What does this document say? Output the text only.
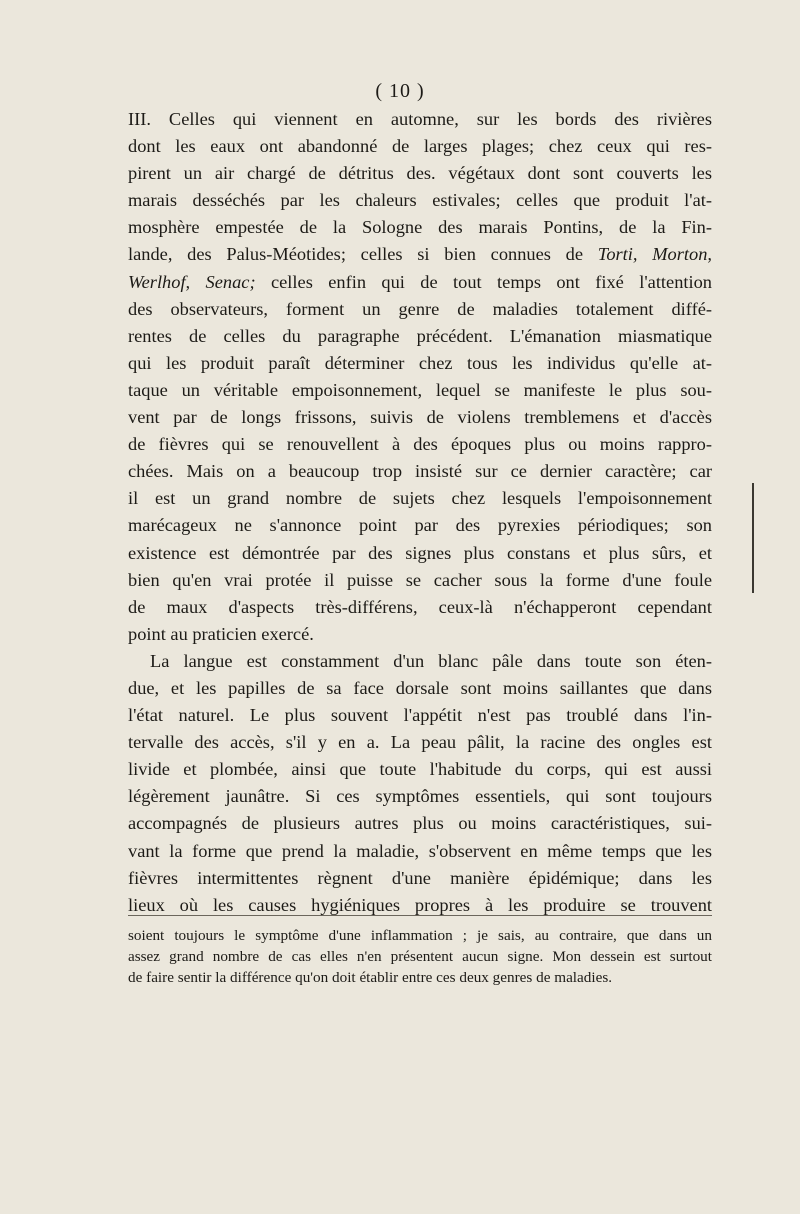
( 10 )
III. Celles qui viennent en automne, sur les bords des rivières
dont les eaux ont abandonné de larges plages; chez ceux qui res-
pirent un air chargé de détritus des. végétaux dont sont couverts les
marais desséchés par les chaleurs estivales; celles que produit l'at-
mosphère empestée de la Sologne des marais Pontins, de la Fin-
lande, des Palus-Méotides; celles si bien connues de Torti, Morton,
Werlhof, Senac; celles enfin qui de tout temps ont fixé l'attention
des observateurs, forment un genre de maladies totalement diffé-
rentes de celles du paragraphe précédent. L'émanation miasmatique
qui les produit paraît déterminer chez tous les individus qu'elle at-
taque un véritable empoisonnement, lequel se manifeste le plus sou-
vent par de longs frissons, suivis de violens tremblemens et d'accès
de fièvres qui se renouvellent à des époques plus ou moins rappro-
chées. Mais on a beaucoup trop insisté sur ce dernier caractère; car
il est un grand nombre de sujets chez lesquels l'empoisonnement
marécageux ne s'annonce point par des pyrexies périodiques; son
existence est démontrée par des signes plus constans et plus sûrs, et
bien qu'en vrai protée il puisse se cacher sous la forme d'une foule
de maux d'aspects très-différens, ceux-là n'échapperont cependant
point au praticien exercé.
La langue est constamment d'un blanc pâle dans toute son éten-
due, et les papilles de sa face dorsale sont moins saillantes que dans
l'état naturel. Le plus souvent l'appétit n'est pas troublé dans l'in-
tervalle des accès, s'il y en a. La peau pâlit, la racine des ongles est
livide et plombée, ainsi que toute l'habitude du corps, qui est aussi
légèrement jaunâtre. Si ces symptômes essentiels, qui sont toujours
accompagnés de plusieurs autres plus ou moins caractéristiques, sui-
vant la forme que prend la maladie, s'observent en même temps que les
fièvres intermittentes règnent d'une manière épidémique; dans les
lieux où les causes hygiéniques propres à les produire se trouvent
soient toujours le symptôme d'une inflammation ; je sais, au contraire, que dans un
assez grand nombre de cas elles n'en présentent aucun signe. Mon dessein est surtout
de faire sentir la différence qu'on doit établir entre ces deux genres de maladies.
